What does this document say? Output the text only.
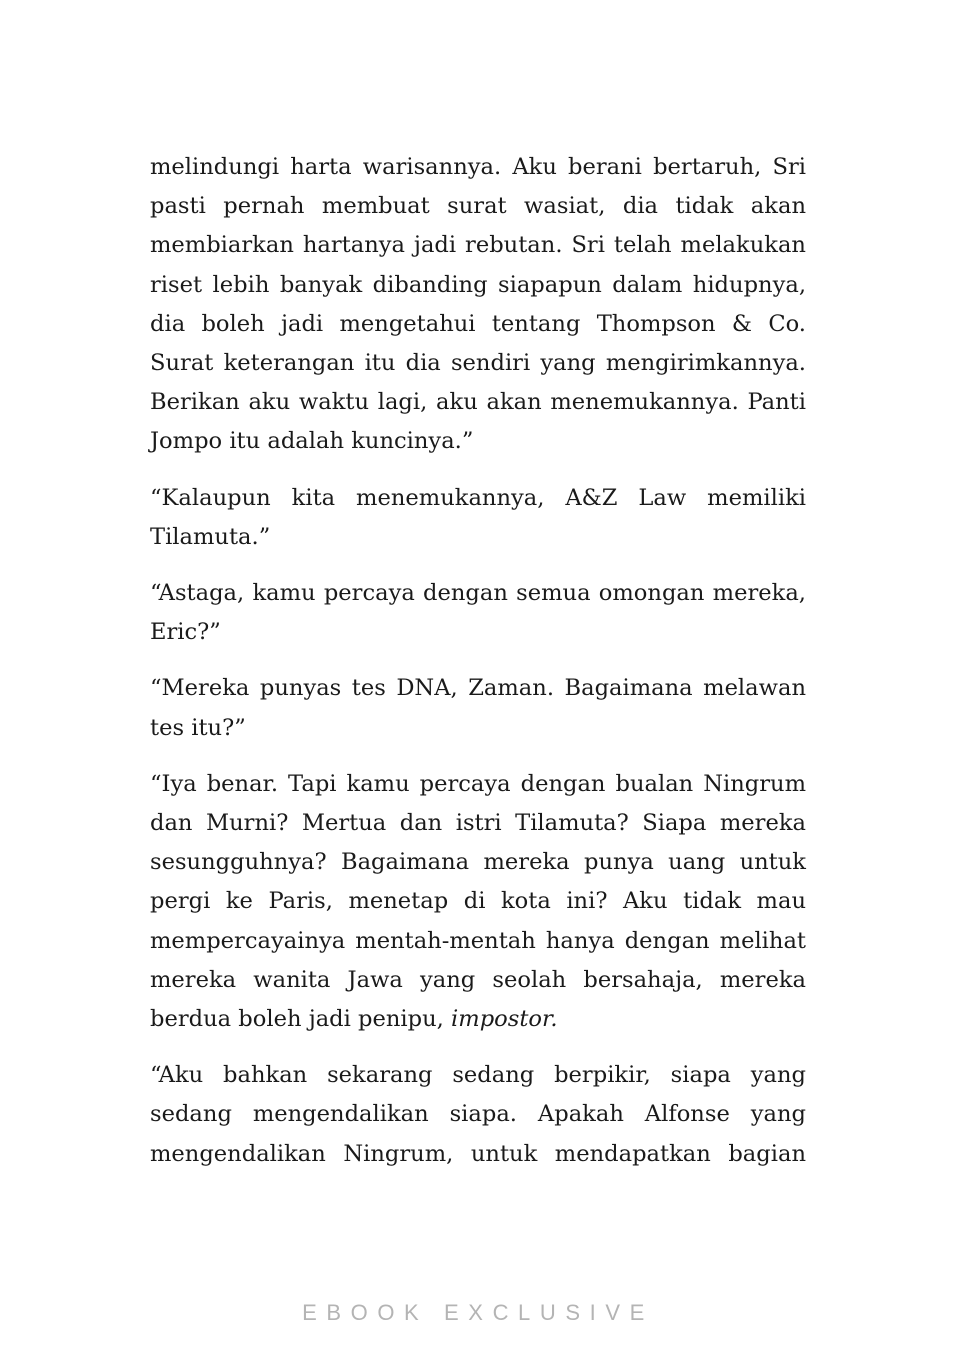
melindungi harta warisannya. Aku berani bertaruh, Sri pasti pernah membuat surat wasiat, dia tidak akan membiarkan hartanya jadi rebutan. Sri telah melakukan riset lebih banyak dibanding siapapun dalam hidupnya, dia boleh jadi mengetahui tentang Thompson & Co. Surat keterangan itu dia sendiri yang mengirimkannya. Berikan aku waktu lagi, aku akan menemukannya. Panti Jompo itu adalah kuncinya.”

“Kalaupun kita menemukannya, A&Z Law memiliki Tilamuta.”

“Astaga, kamu percaya dengan semua omongan mereka, Eric?”

“Mereka punyas tes DNA, Zaman. Bagaimana melawan tes itu?”

“Iya benar. Tapi kamu percaya dengan bualan Ningrum dan Murni? Mertua dan istri Tilamuta? Siapa mereka sesungguhnya? Bagaimana mereka punya uang untuk pergi ke Paris, menetap di kota ini? Aku tidak mau mempercayainya mentah-mentah hanya dengan melihat mereka wanita Jawa yang seolah bersahaja, mereka berdua boleh jadi penipu, impostor.

“Aku bahkan sekarang sedang berpikir, siapa yang sedang mengendalikan siapa. Apakah Alfonse yang mengendalikan Ningrum, untuk mendapatkan bagian

EBOOK EXCLUSIVE
